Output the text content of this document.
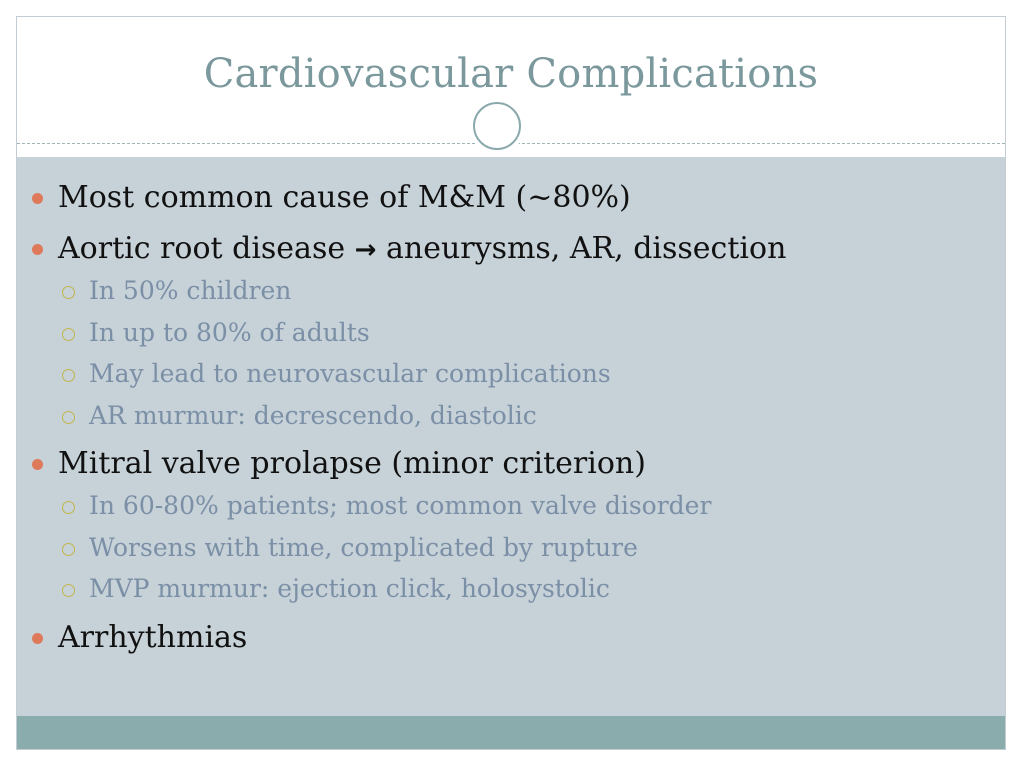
Cardiovascular Complications
Most common cause of M&M (~80%)
Aortic root disease → aneurysms, AR, dissection
In 50% children
In up to 80% of adults
May lead to neurovascular complications
AR murmur: decrescendo, diastolic
Mitral valve prolapse (minor criterion)
In 60-80% patients; most common valve disorder
Worsens with time, complicated by rupture
MVP murmur: ejection click, holosystolic
Arrhythmias
